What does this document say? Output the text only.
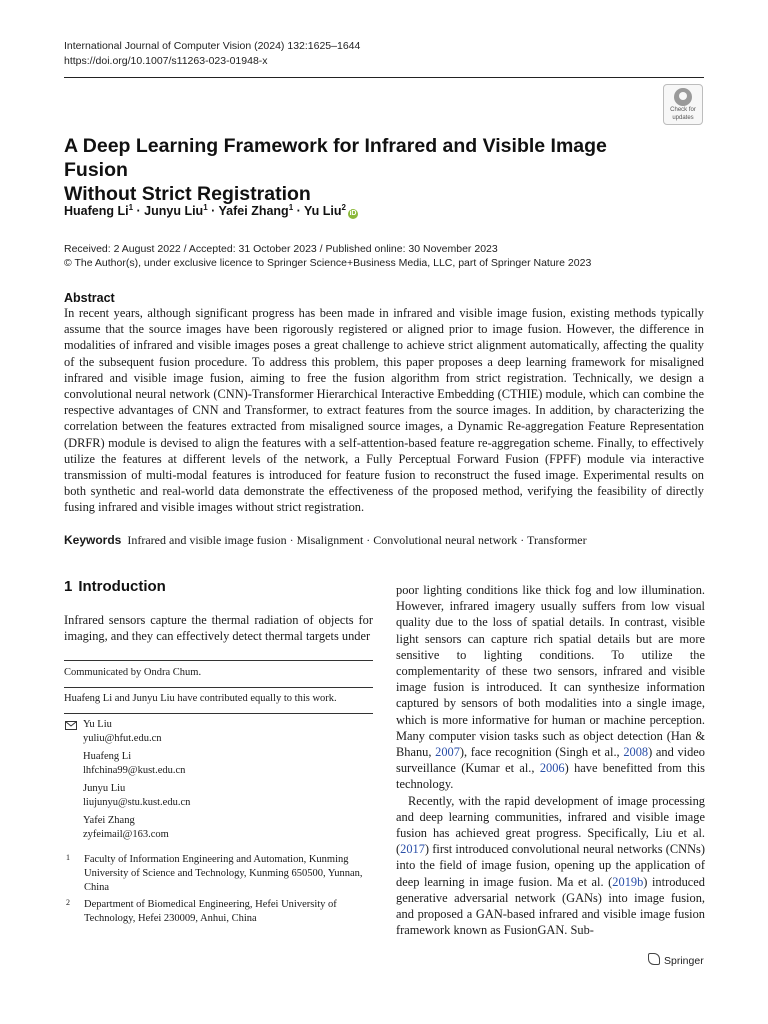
International Journal of Computer Vision (2024) 132:1625–1644
https://doi.org/10.1007/s11263-023-01948-x
Check for
updates
A Deep Learning Framework for Infrared and Visible Image Fusion
Without Strict Registration
Huafeng $Li^1$ · Junyu Liu$^1$ · Yafei Zhang$^1$ · Yu Liu$^2$iD
Received: 2 August 2022 / Accepted: 31 October 2023 / Published online: 30 November 2023
© The Author(s), under exclusive licence to Springer Science+Business Media, LLC, part of Springer Nature 2023
Abstract
In recent years, although significant progress has been made in infrared and visible image fusion, existing methods typically assume that the source images have been rigorously registered or aligned prior to image fusion. However, the difference in modalities of infrared and visible images poses a great challenge to achieve strict alignment automatically, affecting the quality of the subsequent fusion procedure. To address this problem, this paper proposes a deep learning framework for misaligned infrared and visible image fusion, aiming to free the fusion algorithm from strict registration. Technically, we design a convolutional neural network (CNN)-Transformer Hierarchical Interactive Embedding (CTHIE) module, which can combine the respective advantages of CNN and Transformer, to extract features from the source images. In addition, by characterizing the correlation between the features extracted from misaligned source images, a Dynamic Re-aggregation Feature Representation (DRFR) module is devised to align the features with a self-attention-based feature re-aggregation scheme. Finally, to effectively utilize the features at different levels of the network, a Fully Perceptual Forward Fusion (FPFF) module via interactive transmission of multi-modal features is introduced for feature fusion to reconstruct the fused image. Experimental results on both synthetic and real-world data demonstrate the effectiveness of the proposed method, verifying the feasibility of directly fusing infrared and visible images without strict registration.
Keywords Infrared and visible image fusion · Misalignment · Convolutional neural network · Transformer
1 Introduction
Infrared sensors capture the thermal radiation of objects for imaging, and they can effectively detect thermal targets under
Communicated by Ondra Chum.
Huafeng Li and Junyu Liu have contributed equally to this work.
Yu Liu
yuliu@hfut.edu.cn
Huafeng Li
lhfchina99@kust.edu.cn
Junyu Liu
liujunyu@stu.kust.edu.cn
Yafei Zhang
zyfeimail@163.com
1 Faculty of Information Engineering and Automation, Kunming University of Science and Technology, Kunming 650500, Yunnan, China
2 Department of Biomedical Engineering, Hefei University of Technology, Hefei 230009, Anhui, China

poor lighting conditions like thick fog and low illumination. However, infrared imagery usually suffers from low visual quality due to the loss of spatial details. In contrast, visible light sensors can capture rich spatial details but are more sensitive to lighting conditions. To utilize the complementarity of these two sensors, infrared and visible image fusion is introduced. It can synthesize information captured by sensors of both modalities into a single image, which is more informative for human or machine perception. Many computer vision tasks such as object detection (Han & Bhanu, 2007), face recognition (Singh et al., 2008) and video surveillance (Kumar et al., 2006) have benefitted from this technology.

Recently, with the rapid development of image processing and deep learning communities, infrared and visible image fusion has achieved great progress. Specifically, Liu et al. (2017) first introduced convolutional neural networks (CNNs) into the field of image fusion, opening up the application of deep learning in image fusion. Ma et al. (2019b) introduced generative adversarial network (GANs) into image fusion, and proposed a GAN-based infrared and visible image fusion framework known as FusionGAN. Sub-

Springer
